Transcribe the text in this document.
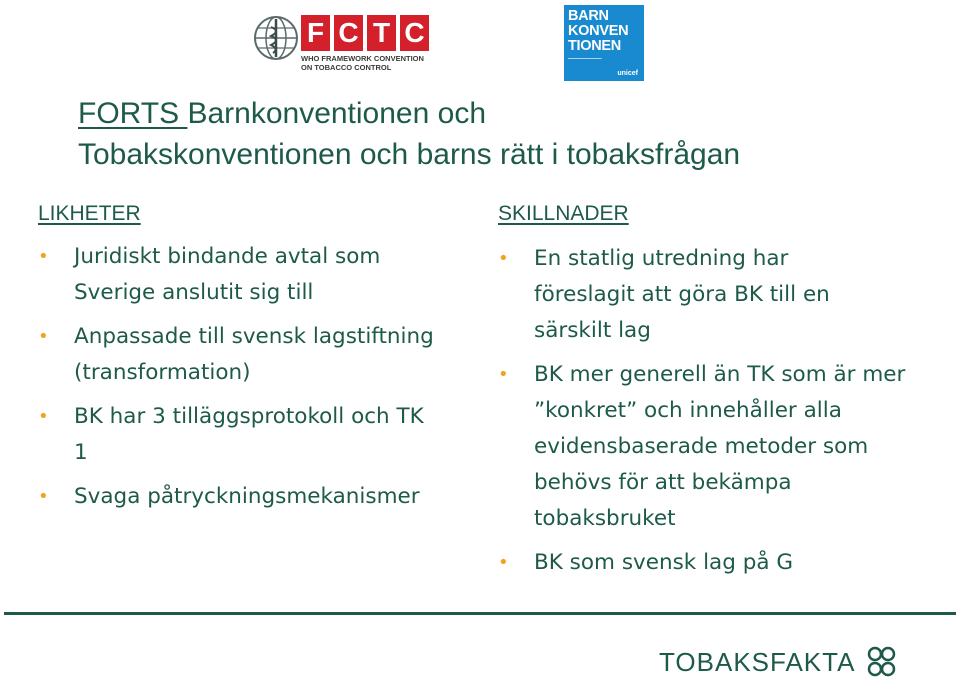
F C T C
WHO FRAMEWORK CONVENTION
ON TOBACCO CONTROL
BARN
KONVEN
TIONEN
━━━━━━━━━━━━━━
unicef
FORTS Barnkonventionen och
Tobakskonventionen och barns rätt i tobaksfrågan
LIKHETER
• Juridiskt bindande avtal som Sverige anslutit sig till
• Anpassade till svensk lagstiftning (transformation)
• BK har 3 tilläggsprotokoll och TK 1
• Svaga påtryckningsmekanismer
SKILLNADER
• En statlig utredning har föreslagit att göra BK till en särskilt lag
• BK mer generell än TK som är mer ”konkret” och innehåller alla evidensbaserade metoder som behövs för att bekämpa tobaksbruket
• BK som svensk lag på G
TOBAKSFAKTA
